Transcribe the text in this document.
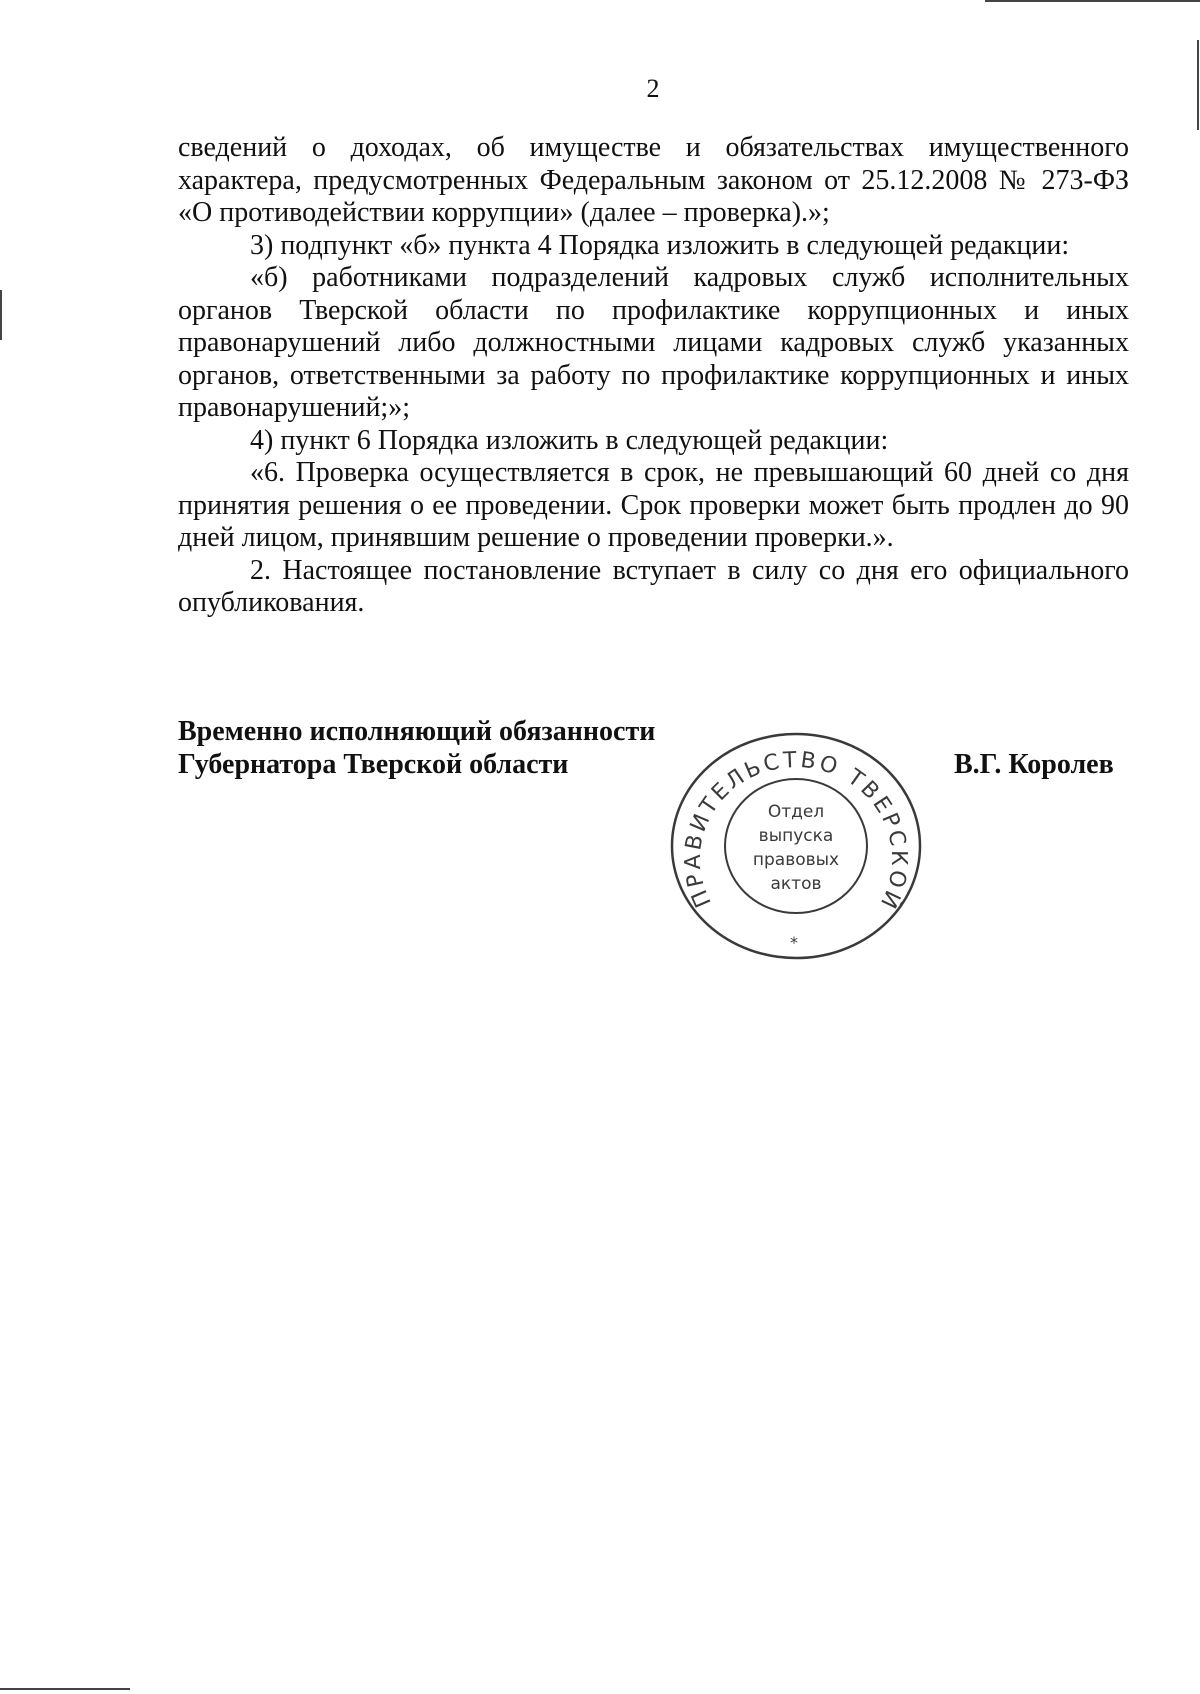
2

сведений о доходах, об имуществе и обязательствах имущественного характера, предусмотренных Федеральным законом от 25.12.2008 № 273-ФЗ «О противодействии коррупции» (далее – проверка).»;

3) подпункт «б» пункта 4 Порядка изложить в следующей редакции:

«б) работниками подразделений кадровых служб исполнительных органов Тверской области по профилактике коррупционных и иных правонарушений либо должностными лицами кадровых служб указанных органов, ответственными за работу по профилактике коррупционных и иных правонарушений;»;

4) пункт 6 Порядка изложить в следующей редакции:

«6. Проверка осуществляется в срок, не превышающий 60 дней со дня принятия решения о ее проведении. Срок проверки может быть продлен до 90 дней лицом, принявшим решение о проведении проверки.».

2. Настоящее постановление вступает в силу со дня его официального опубликования.

Временно исполняющий обязанности
Губернатора Тверской области	В.Г. Королев
ПРАВИТЕЛЬСТВО ТВЕРСКОЙ
Отдел
выпуска
правовых
актов
*
